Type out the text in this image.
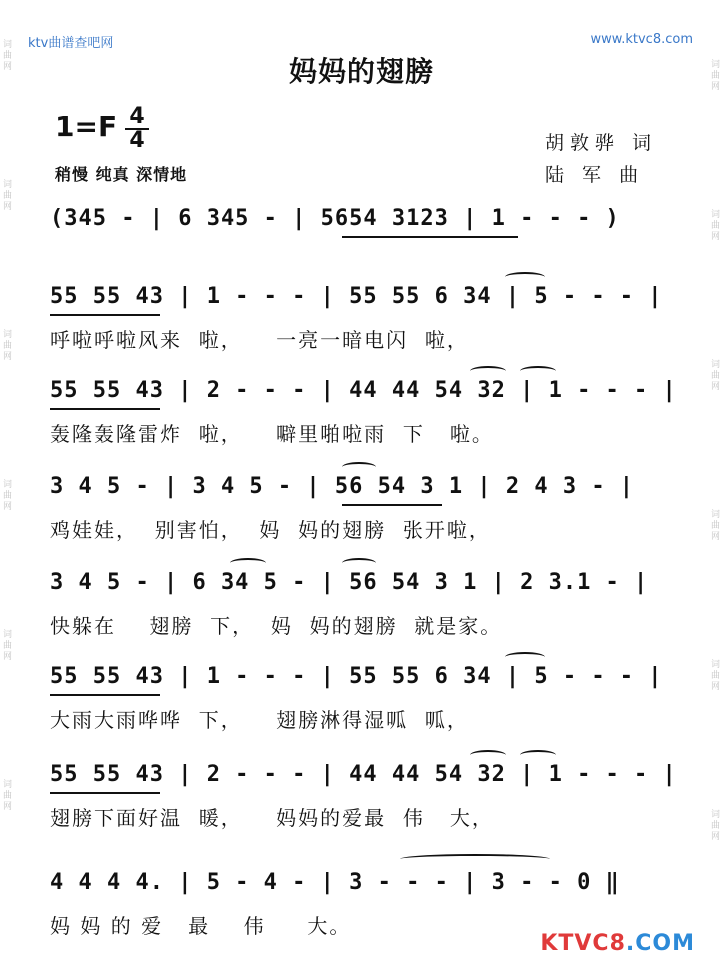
词
曲
网
词
曲
网
词
曲
网
词
曲
网
词
曲
网
词
曲
网
词
曲
网
词
曲
网
词
曲
网
词
曲
网
词
曲
网
词
曲
网
ktv曲谱查吧网	www.ktvc8.com
妈妈的翅膀
1=F 4
4
稍慢 纯真 深情地
胡敦骅 词
陆 军 曲
(345 - | 6 345 - | 5654 3123 | 1 - - - )
55 55 43 | 1 - - - | 55 55 6 34 | 5 - - - |
呼啦呼啦风来  啦，    一亮一暗电闪  啦，
55 55 43 | 2 - - - | 44 44 54 32 | 1 - - - |
轰隆轰隆雷炸  啦，    噼里啪啦雨  下   啦。
3 4 5 - | 3 4 5 - | 56 54 3 1 | 2 4 3 - |
鸡娃娃，  别害怕，  妈  妈的翅膀  张开啦，
3 4 5 - | 6 34 5 - | 56 54 3 1 | 2 3.1 - |
快躲在    翅膀  下，  妈  妈的翅膀  就是家。
55 55 43 | 1 - - - | 55 55 6 34 | 5 - - - |
大雨大雨哗哗  下，    翅膀淋得湿呱  呱，
55 55 43 | 2 - - - | 44 44 54 32 | 1 - - - |
翅膀下面好温  暖，    妈妈的爱最  伟   大，
4 4 4 4. | 5 - 4 - | 3 - - - | 3 - - 0 ‖
妈 妈 的 爱   最    伟     大。
KTVC8.COM
